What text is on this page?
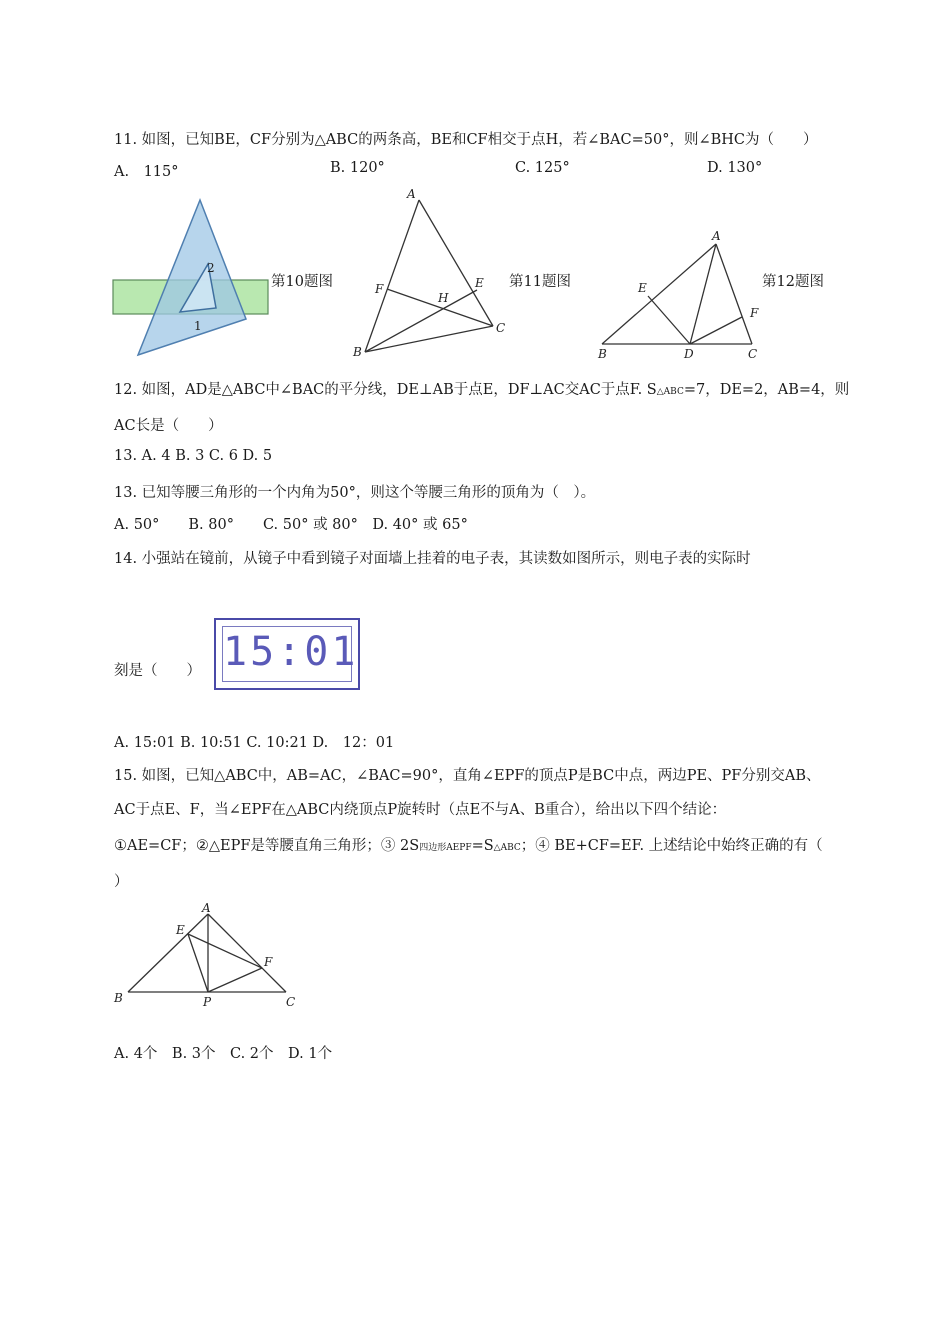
11. 如图，已知BE，CF分别为△ABC的两条高，BE和CF相交于点H，若∠BAC=50°，则∠BHC为（　　）
A.　115°	B. 120°	C. 125°	D. 130°
2
1
第10题图
A
F
H
E
B
C
第11题图
A
E
F
B	D	C
第12题图
12. 如图，AD是△ABC中∠BAC的平分线，DE⊥AB于点E，DF⊥AC交AC于点F. S△ABC=7，DE=2，AB=4，则
AC长是（　　）
13. A. 4 B. 3 C. 6 D. 5
13. 已知等腰三角形的一个内角为50°，则这个等腰三角形的顶角为（　）。
A. 50°　　B. 80°　　C. 50° 或 80°　D. 40° 或 65°
14. 小强站在镜前，从镜子中看到镜子对面墙上挂着的电子表，其读数如图所示，则电子表的实际时
刻是（　　） 15:01
A. 15:01 B. 10:51 C. 10:21 D.　12：01
15. 如图，已知△ABC中，AB=AC，∠BAC=90°，直角∠EPF的顶点P是BC中点，两边PE、PF分别交AB、
AC于点E、F，当∠EPF在△ABC内绕顶点P旋转时（点E不与A、B重合），给出以下四个结论：
①AE=CF；②△EPF是等腰直角三角形；③ 2S四边形AEPF=S△ABC；④ BE+CF=EF. 上述结论中始终正确的有（
）
A
E
F
B	P	C
A. 4个　B. 3个　C. 2个　D. 1个
